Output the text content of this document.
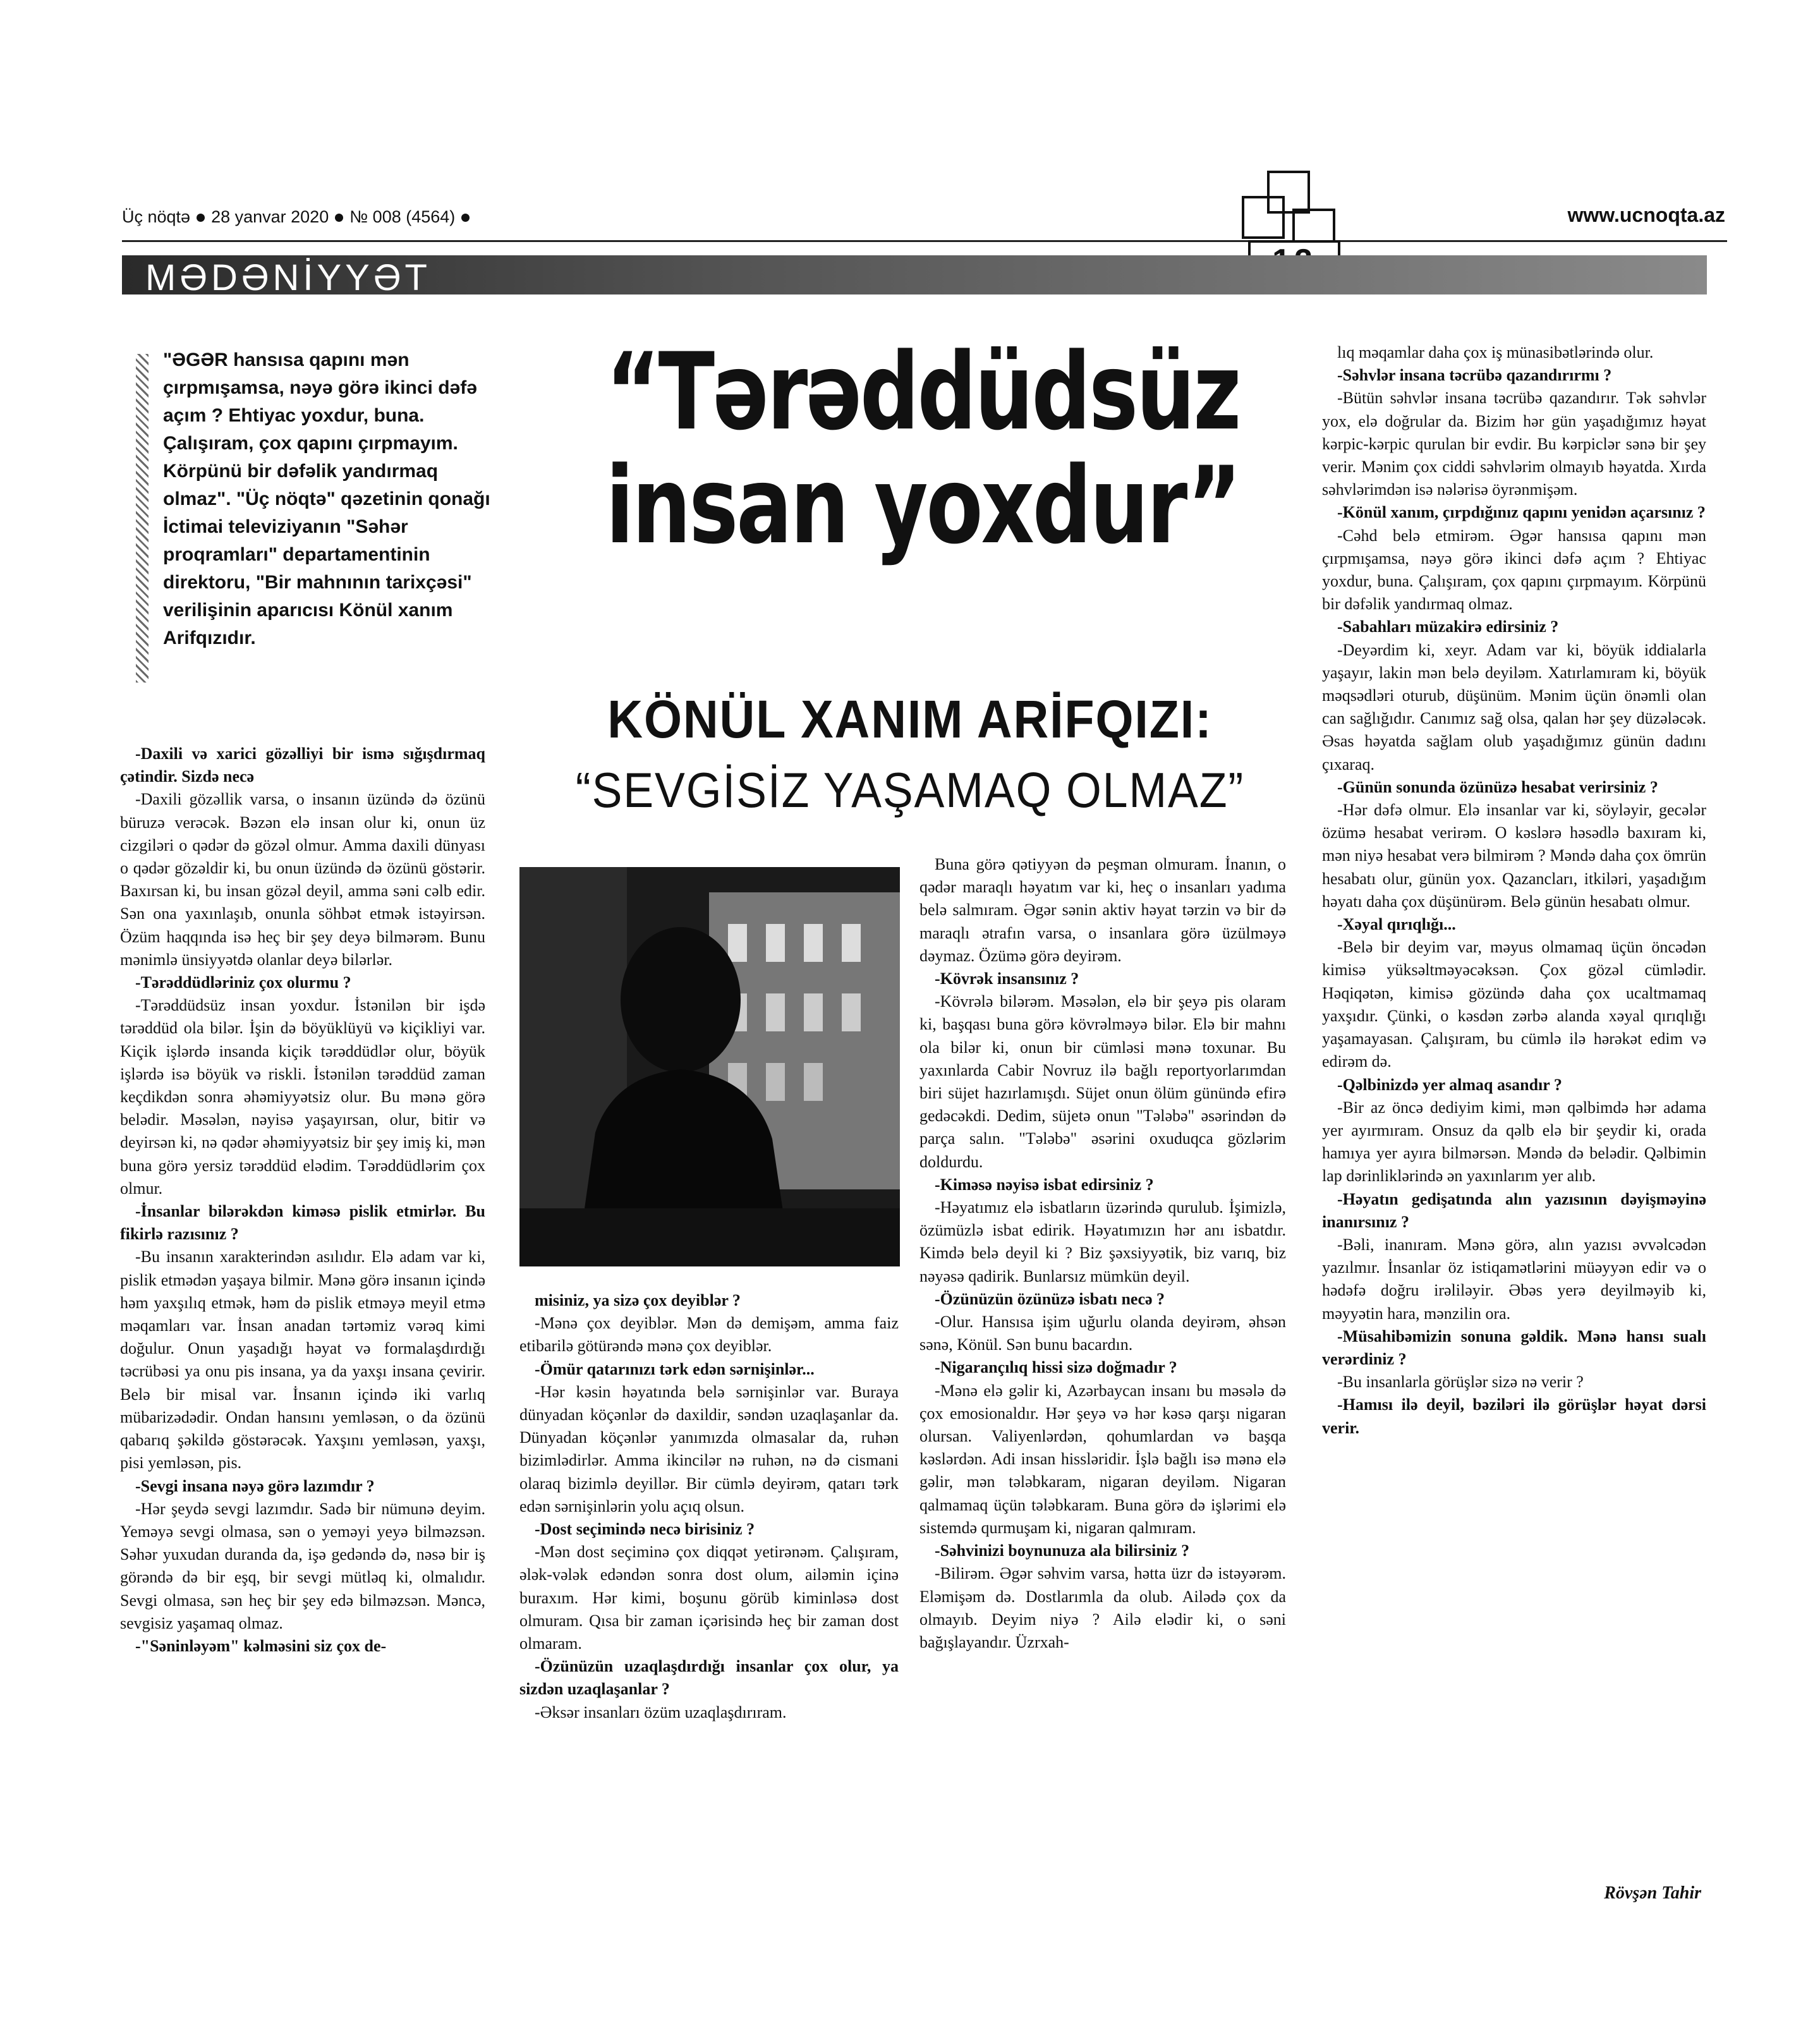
Üç nöqtə 28 yanvar 2020 № 008 (4564)	www.ucnoqta.az
MƏDƏNİYYƏT
"ƏGƏR hansısa qapını mən çırpmışamsa, nəyə görə ikinci dəfə açım ? Ehtiyac yoxdur, buna. Çalışıram, çox qapını çırpmayım. Körpünü bir dəfəlik yandırmaq olmaz". "Üç nöqtə" qəzetinin qonağı İctimai televiziyanın "Səhər proqramları" departamentinin direktoru, "Bir mahnının tarixçəsi" verilişinin aparıcısı Könül xanım Arifqızıdır.
“Tərəddüdsüz
insan yoxdur”
KÖNÜL XANIM ARİFQIZI:
“SEVGİSİZ YAŞAMAQ OLMAZ”

-Daxili və xarici gözəlliyi bir ismə sığışdırmaq çətindir. Sizdə necə

-Daxili gözəllik varsa, o insanın üzündə də özünü büruzə verəcək. Bəzən elə insan olur ki, onun üz cizgiləri o qədər də gözəl olmur. Amma daxili dünyası o qədər gözəldir ki, bu onun üzündə də özünü göstərir. Baxırsan ki, bu insan gözəl deyil, amma səni cəlb edir. Sən ona yaxınlaşıb, onunla söhbət etmək istəyirsən. Özüm haqqında isə heç bir şey deyə bilmərəm. Bunu mənimlə ünsiyyətdə olanlar deyə bilərlər.

-Tərəddüdləriniz çox olurmu ?

-Tərəddüdsüz insan yoxdur. İstənilən bir işdə tərəddüd ola bilər. İşin də böyüklüyü və kiçikliyi var. Kiçik işlərdə insanda kiçik tərəddüdlər olur, böyük işlərdə isə böyük və riskli. İstənilən tərəddüd zaman keçdikdən sonra əhəmiyyətsiz olur. Bu mənə görə belədir. Məsələn, nəyisə yaşayırsan, olur, bitir və deyirsən ki, nə qədər əhəmiyyətsiz bir şey imiş ki, mən buna görə yersiz tərəddüd elədim. Tərəddüdlərim çox olmur.

-İnsanlar bilərəkdən kiməsə pislik etmirlər. Bu fikirlə razısınız ?

-Bu insanın xarakterindən asılıdır. Elə adam var ki, pislik etmədən yaşaya bilmir. Mənə görə insanın içində həm yaxşılıq etmək, həm də pislik etməyə meyil etmə məqamları var. İnsan anadan tərtəmiz vərəq kimi doğulur. Onun yaşadığı həyat və formalaşdırdığı təcrübəsi ya onu pis insana, ya da yaxşı insana çevirir. Belə bir misal var. İnsanın içində iki varlıq mübarizədədir. Ondan hansını yemləsən, o da özünü qabarıq şəkildə göstərəcək. Yaxşını yemləsən, yaxşı, pisi yemləsən, pis.

-Sevgi insana nəyə görə lazımdır ?

-Hər şeydə sevgi lazımdır. Sadə bir nümunə deyim. Yeməyə sevgi olmasa, sən o yeməyi yeyə bilməzsən. Səhər yuxudan duranda da, işə gedəndə də, nəsə bir iş görəndə də bir eşq, bir sevgi mütləq ki, olmalıdır. Sevgi olmasa, sən heç bir şey edə bilməzsən. Məncə, sevgisiz yaşamaq olmaz.

-"Səninləyəm" kəlməsini siz çox de-

misiniz, ya sizə çox deyiblər ?

-Mənə çox deyiblər. Mən də demişəm, amma faiz etibarilə götürəndə mənə çox deyiblər.

-Ömür qatarınızı tərk edən sərnişinlər...

-Hər kəsin həyatında belə sərnişinlər var. Buraya dünyadan köçənlər də daxildir, səndən uzaqlaşanlar da. Dünyadan köçənlər yanımızda olmasalar da, ruhən bizimlədirlər. Amma ikincilər nə ruhən, nə də cismani olaraq bizimlə deyillər. Bir cümlə deyirəm, qatarı tərk edən sərnişinlərin yolu açıq olsun.

-Dost seçimində necə birisiniz ?

-Mən dost seçiminə çox diqqət yetirənəm. Çalışıram, ələk-vələk edəndən sonra dost olum, ailəmin içinə buraxım. Hər kimi, boşunu görüb kiminləsə dost olmuram. Qısa bir zaman içərisində heç bir zaman dost olmaram.

-Özünüzün uzaqlaşdırdığı insanlar çox olur, ya sizdən uzaqlaşanlar ?

-Əksər insanları özüm uzaqlaşdırıram.

Buna görə qətiyyən də peşman olmuram. İnanın, o qədər maraqlı həyatım var ki, heç o insanları yadıma belə salmıram. Əgər sənin aktiv həyat tərzin və bir də maraqlı ətrafın varsa, o insanlara görə üzülməyə dəymaz. Özümə görə deyirəm.

-Kövrək insansınız ?

-Kövrələ bilərəm. Məsələn, elə bir şeyə pis olaram ki, başqası buna görə kövrəlməyə bilər. Elə bir mahnı ola bilər ki, onun bir cümləsi mənə toxunar. Bu yaxınlarda Cabir Novruz ilə bağlı reportyorlarımdan biri süjet hazırlamışdı. Süjet onun ölüm günündə efirə gedəcəkdi. Dedim, süjetə onun "Tələbə" əsərindən də parça salın. "Tələbə" əsərini oxuduqca gözlərim doldurdu.

-Kiməsə nəyisə isbat edirsiniz ?

-Həyatımız elə isbatların üzərində qurulub. İşimizlə, özümüzlə isbat edirik. Həyatımızın hər anı isbatdır. Kimdə belə deyil ki ? Biz şəxsiyyətik, biz varıq, biz nəyəsə qadirik. Bunlarsız mümkün deyil.

-Özünüzün özünüzə isbatı necə ?

-Olur. Hansısa işim uğurlu olanda deyirəm, əhsən sənə, Könül. Sən bunu bacardın.

-Nigarançılıq hissi sizə doğmadır ?

-Mənə elə gəlir ki, Azərbaycan insanı bu məsələ də çox emosionaldır. Hər şeyə və hər kəsə qarşı nigaran olursan. Valiyenlərdən, qohumlardan və başqa kəslərdən. Adi insan hissləridir. İşlə bağlı isə mənə elə gəlir, mən tələbkaram, nigaran deyiləm. Nigaran qalmamaq üçün tələbkaram. Buna görə də işlərimi elə sistemdə qurmuşam ki, nigaran qalmıram.

-Səhvinizi boynunuza ala bilirsiniz ?

-Bilirəm. Əgər səhvim varsa, hətta üzr də istəyərəm. Eləmişəm də. Dostlarımla da olub. Ailədə çox da olmayıb. Deyim niyə ? Ailə elədir ki, o səni bağışlayandır. Üzrxah-

lıq məqamlar daha çox iş münasibətlərində olur.

-Səhvlər insana təcrübə qazandırırmı ?

-Bütün səhvlər insana təcrübə qazandırır. Tək səhvlər yox, elə doğrular da. Bizim hər gün yaşadığımız həyat kərpic-kərpic qurulan bir evdir. Bu kərpiclər sənə bir şey verir. Mənim çox ciddi səhvlərim olmayıb həyatda. Xırda səhvlərimdən isə nələrisə öyrənmişəm.

-Könül xanım, çırpdığınız qapını yenidən açarsınız ?

-Cəhd belə etmirəm. Əgər hansısa qapını mən çırpmışamsa, nəyə görə ikinci dəfə açım ? Ehtiyac yoxdur, buna. Çalışıram, çox qapını çırpmayım. Körpünü bir dəfəlik yandırmaq olmaz.

-Sabahları müzakirə edirsiniz ?

-Deyərdim ki, xeyr. Adam var ki, böyük iddialarla yaşayır, lakin mən belə deyiləm. Xatırlamıram ki, böyük məqsədləri oturub, düşünüm. Mənim üçün önəmli olan can sağlığıdır. Canımız sağ olsa, qalan hər şey düzələcək. Əsas həyatda sağlam olub yaşadığımız günün dadını çıxaraq.

-Günün sonunda özünüzə hesabat verirsiniz ?

-Hər dəfə olmur. Elə insanlar var ki, söyləyir, gecələr özümə hesabat verirəm. O kəslərə həsədlə baxıram ki, mən niyə hesabat verə bilmirəm ? Məndə daha çox ömrün hesabatı olur, günün yox. Qazancları, itkiləri, yaşadığım həyatı daha çox düşünürəm. Belə günün hesabatı olmur.

-Xəyal qırıqlığı...

-Belə bir deyim var, məyus olmamaq üçün öncədən kimisə yüksəltməyəcəksən. Çox gözəl cümlədir. Həqiqətən, kimisə gözündə daha çox ucaltmamaq yaxşıdır. Çünki, o kəsdən zərbə alanda xəyal qırıqlığı yaşamayasan. Çalışıram, bu cümlə ilə hərəkət edim və edirəm də.

-Qəlbinizdə yer almaq asandır ?

-Bir az öncə dediyim kimi, mən qəlbimdə hər adama yer ayırmıram. Onsuz da qəlb elə bir şeydir ki, orada hamıya yer ayıra bilmərsən. Məndə də belədir. Qəlbimin lap dərinliklərində ən yaxınlarım yer alıb.

-Həyatın gedişatında alın yazısının dəyişməyinə inanırsınız ?

-Bəli, inanıram. Mənə görə, alın yazısı əvvəlcədən yazılmır. İnsanlar öz istiqamətlərini müəyyən edir və o hədəfə doğru irəliləyir. Əbəs yerə deyilməyib ki, məyyətin hara, mənzilin ora.

-Müsahibəmizin sonuna gəldik. Mənə hansı sualı verərdiniz ?

-Bu insanlarla görüşlər sizə nə verir ?

-Hamısı ilə deyil, bəziləri ilə görüşlər həyat dərsi verir.

Rövşən Tahir
